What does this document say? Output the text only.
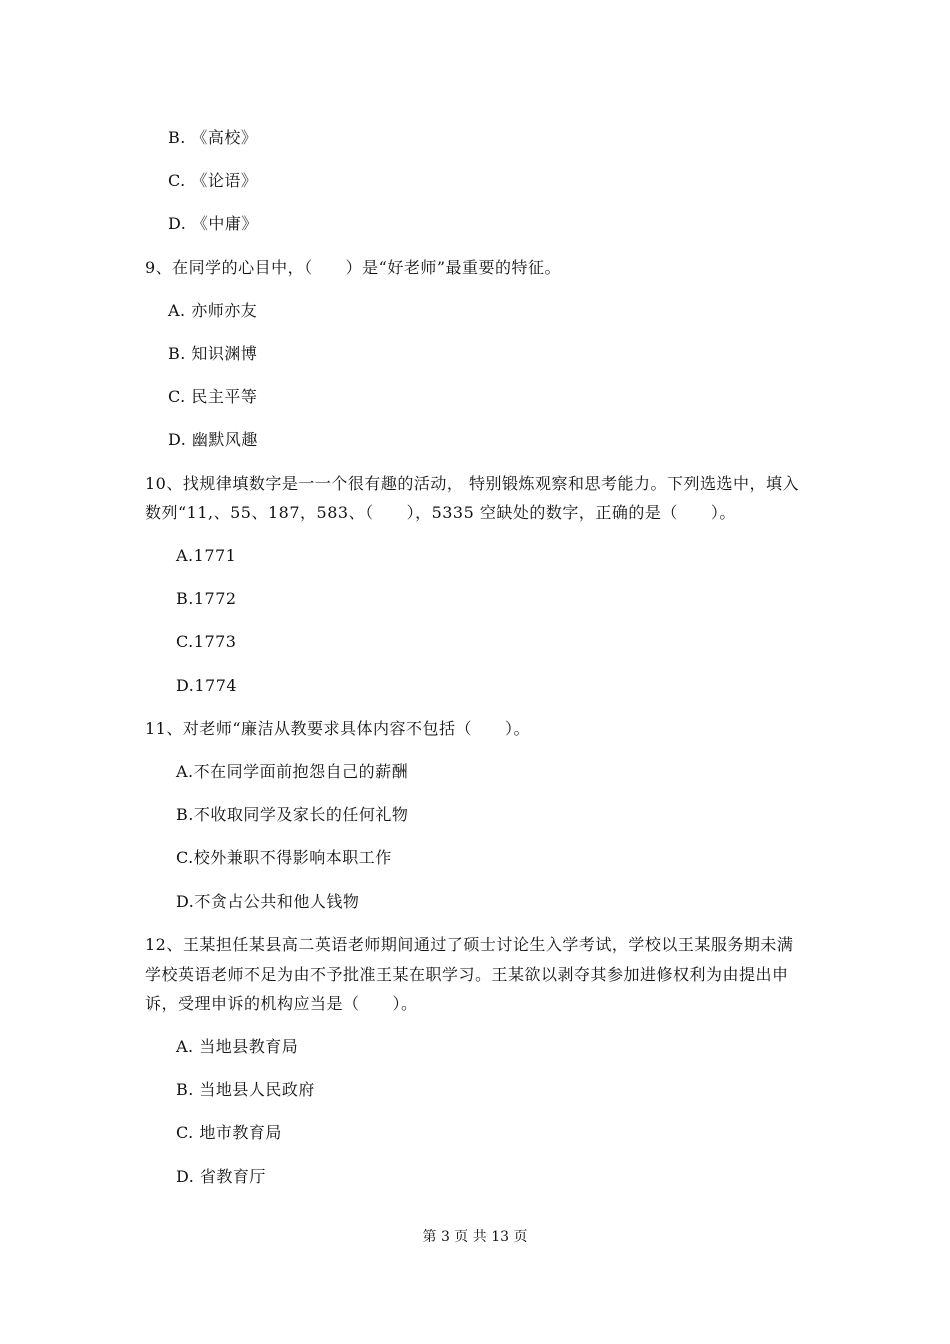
B. 《高校》
C. 《论语》
D. 《中庸》
9、在同学的心目中，（　　）是“好老师”最重要的特征。
A. 亦师亦友
B. 知识渊博
C. 民主平等
D. 幽默风趣
10、找规律填数字是一一个很有趣的活动， 特别锻炼观察和思考能力。下列选选中，填入
数列“11,、55、187，583、（　　），5335 空缺处的数字，正确的是（　　）。
A.1771
B.1772
C.1773
D.1774
11、对老师“廉洁从教要求具体内容不包括（　　）。
A.不在同学面前抱怨自己的薪酬
B.不收取同学及家长的任何礼物
C.校外兼职不得影响本职工作
D.不贪占公共和他人钱物
12、王某担任某县高二英语老师期间通过了硕士讨论生入学考试，学校以王某服务期未满
学校英语老师不足为由不予批准王某在职学习。王某欲以剥夺其参加进修权利为由提出申
诉，受理申诉的机构应当是（　　）。
A. 当地县教育局
B. 当地县人民政府
C. 地市教育局
D. 省教育厅
第 3 页 共 13 页
